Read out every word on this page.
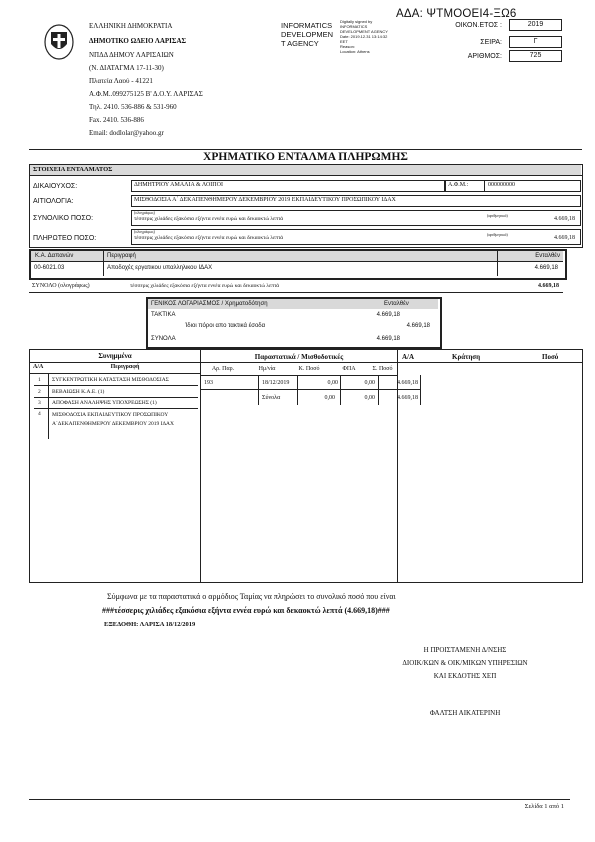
ΑΔΑ: ΨΤΜΟΟΕΙ4-ΞΩ6
ΕΛΛΗΝΙΚΗ ΔΗΜΟΚΡΑΤΙΑ
ΔΗΜΟΤΙΚΟ ΩΔΕΙΟ ΛΑΡΙΣΑΣ
ΝΠΔΔ ΔΗΜΟΥ ΛΑΡΙΣΑΙΩΝ
(Ν. ΔΙΑΤΑΓΜΑ 17-11-30)
Πλατεία Λαού - 41221
Α.Φ.Μ..099275125 Β' Δ.Ο.Υ. ΛΑΡΙΣΑΣ
Τηλ. 2410. 536-886 & 531-960
Fax. 2410. 536-886
Email: dodlolar@yahoo.gr
INFORMATICS
DEVELOPMEN
T AGENCY
Digitally signed by
INFORMATICS
DEVELOPMENT AGENCY
Date: 2019.12.31 13:14:32
EET
Reason:
Location: Athens
ΟΙΚΟΝ.ΕΤΟΣ :	2019
ΣΕΙΡΑ:	Γ
ΑΡΙΘΜΟΣ:	725
ΧΡΗΜΑΤΙΚΟ ΕΝΤΑΛΜΑ ΠΛΗΡΩΜΗΣ
ΣΤΟΙΧΕΙΑ ΕΝΤΑΛΜΑΤΟΣ
ΔΙΚΑΙΟΥΧΟΣ:	ΔΗΜΗΤΡΙΟΥ ΑΜΑΛΙΑ & ΛΟΙΠΟΙ	Α.Φ.Μ.:	000000000
ΑΙΤΙΟΛΟΓΙΑ:	ΜΙΣΘΟΔΟΣΙΑ Α΄ ΔΕΚΑΠΕΝΘΗΜΕΡΟΥ ΔΕΚΕΜΒΡΙΟΥ 2019 ΕΚΠΑΙΔΕΥΤΙΚΟΥ ΠΡΟΣΩΠΙΚΟΥ ΙΔΑΧ
ΣΥΝΟΛΙΚΟ ΠΟΣΟ:
(ολογράφως)
τέσσερις χιλιάδες εξακόσια εξήντα εννέα ευρώ και δεκαοκτώ λεπτά
(αριθμητικά)
4.669,18
ΠΛΗΡΩΤΕΟ ΠΟΣΟ:
(ολογράφως)
τέσσερις χιλιάδες εξακόσια εξήντα εννέα ευρώ και δεκαοκτώ λεπτά
(αριθμητικά)
4.669,18
Κ.Α. Δαπανών	Περιγραφή	Ενταλθέν
00-6021.03	Αποδοχές εργατικου υπαλληλικου ΙΔΑΧ	4.669,18
ΣΥΝΟΛΟ (ολογράφως)	τέσσερις χιλιάδες εξακόσια εξήντα εννέα ευρώ και δεκαοκτώ λεπτά	4.669,18
ΓΕΝΙΚΟΣ ΛΟΓΑΡΙΑΣΜΟΣ / Χρηματοδότηση	Ενταλθέν
ΤΑΚΤΙΚΑ	4.669,18
Ίδιοι πόροι απο τακτικά έσοδα	4.669,18
ΣΥΝΟΛΑ	4.669,18
Συνημμένα
Α/Α	Περιγραφή
1 ΣΥΓΚΕΝΤΡΩΤΙΚΗ ΚΑΤΑΣΤΑΣΗ ΜΙΣΘΟΔΟΣΙΑΣ
2 ΒΕΒΑΙΩΣΗ Κ.Α.Ε. (1)
3 ΑΠΟΦΑΣΗ ΑΝΑΛΗΨΗΣ ΥΠΟΧΡΕΩΣΗΣ (1)
4 ΜΙΣΘΟΔΟΣΙΑ ΕΚΠΑΙΔΕΥΤΙΚΟΥ ΠΡΟΣΩΠΙΚΟΥ Α΄ΔΕΚΑΠΕΝΘΗΜΕΡΟΥ ΔΕΚΕΜΒΡΙΟΥ 2019 ΙΔΑΧ
Παραστατικά / Μισθοδοτικές
Αρ. Παρ.	Ημ/νία	Κ. Ποσό	ΦΠΑ	Σ. Ποσό
193	18/12/2019	0,00	0,00	4.669,18
Σύνολα	0,00	0,00	4.669,18
Α/Α	Κράτηση	Ποσό
Σύμφωνα με τα παραστατικά ο αρμόδιος Ταμίας να πληρώσει το συνολικό ποσό που είναι
###τέσσερις χιλιάδες εξακόσια εξήντα εννέα ευρώ και δεκαοκτώ λεπτά (4.669,18)###
ΕΞΕΔΟΘΗ: ΛΑΡΙΣΑ 18/12/2019
Η ΠΡΟΙΣΤΑΜΕΝΗ Δ/ΝΣΗΣ
ΔΙΟΙΚ/ΚΩΝ & ΟΙΚ/ΜΙΚΩΝ ΥΠΗΡΕΣΙΩΝ
ΚΑΙ ΕΚΔΟΤΗΣ ΧΕΠ
ΦΑΛΤΣΗ ΑΙΚΑΤΕΡΙΝΗ
Σελίδα 1 από 1
